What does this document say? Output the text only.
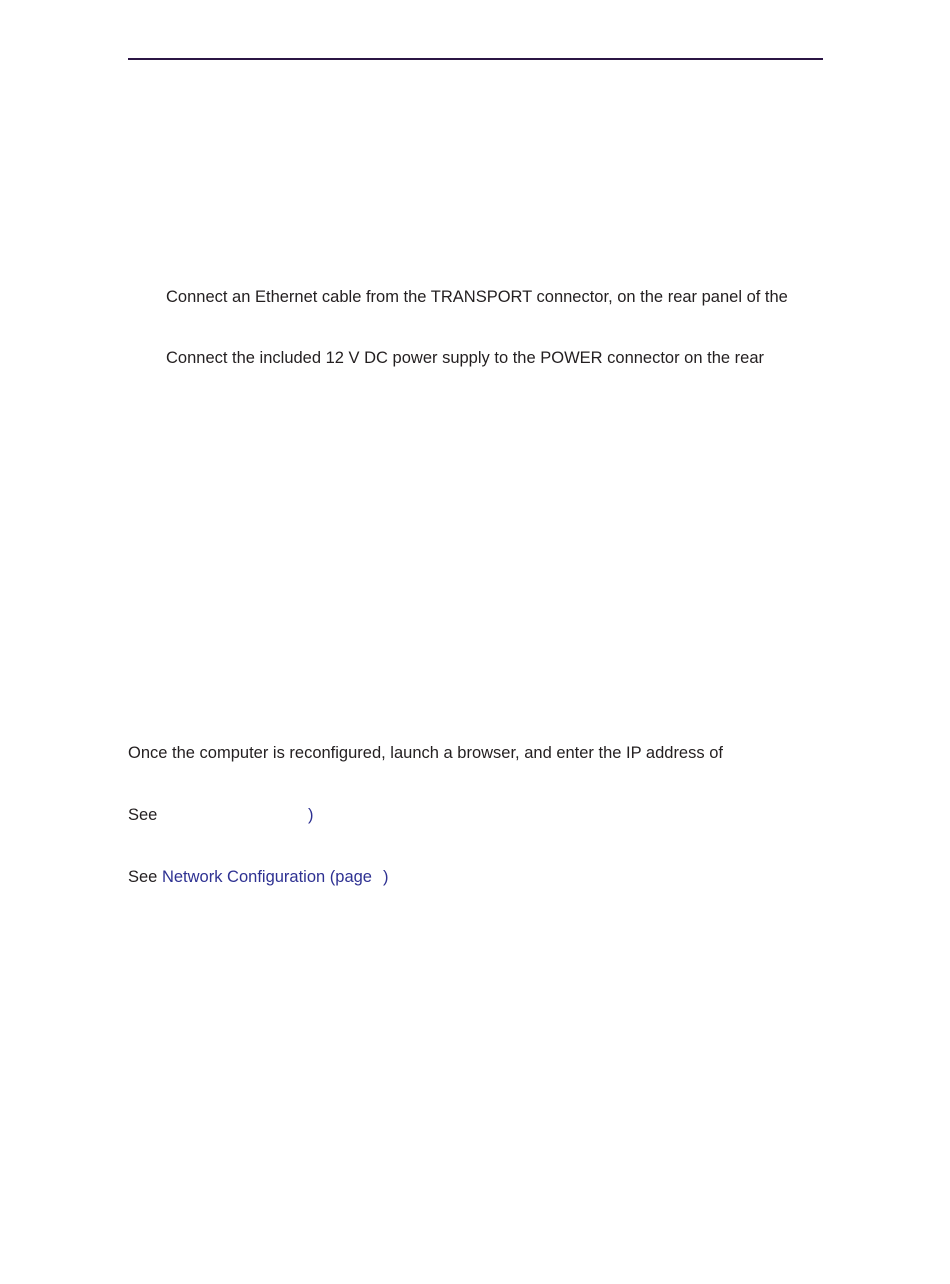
Connect an Ethernet cable from the TRANSPORT connector, on the rear panel of the
Connect the included 12 V DC power supply to the POWER connector on the rear
Once the computer is reconfigured, launch a browser, and enter the IP address of
See	)
See Network Configuration (page )
